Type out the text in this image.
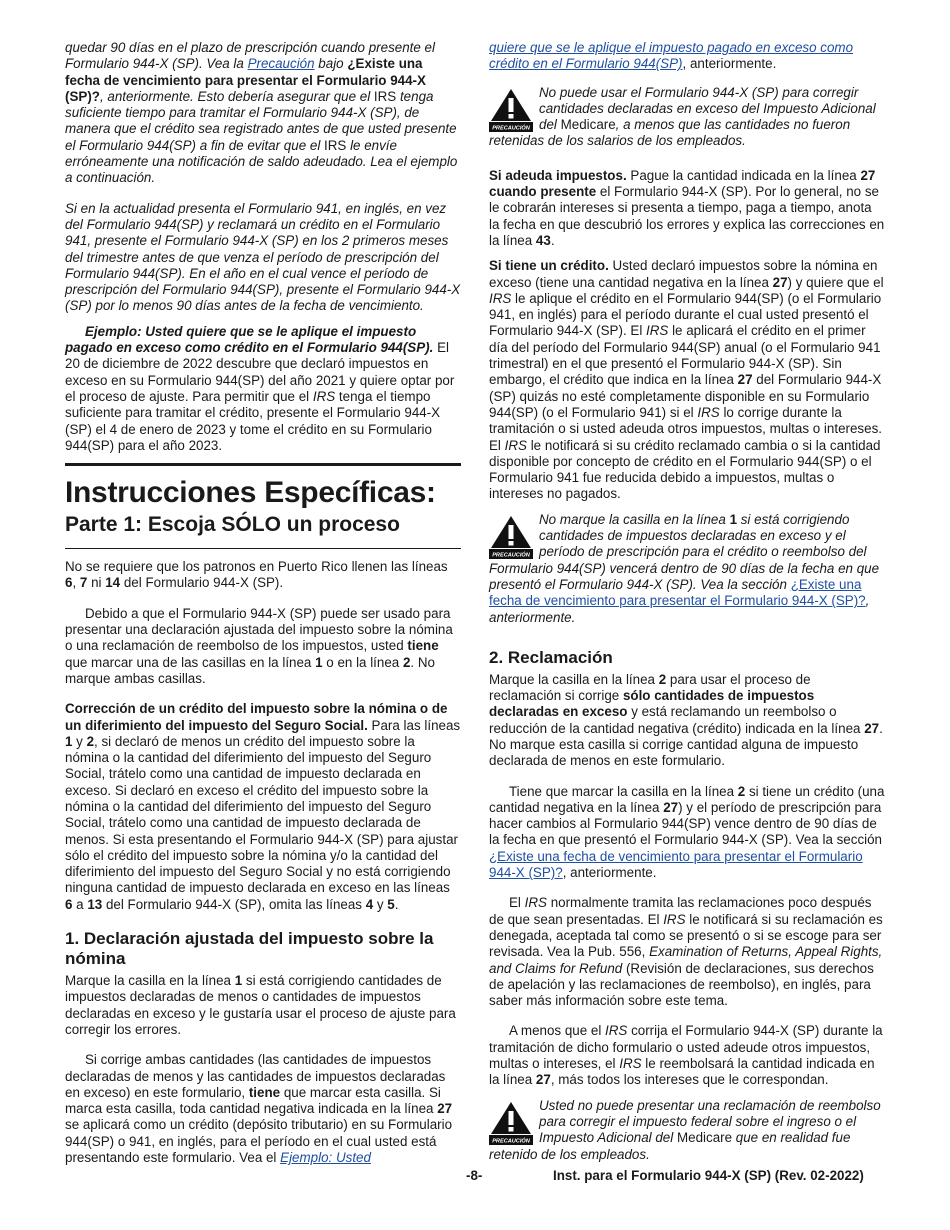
quedar 90 días en el plazo de prescripción cuando presente el Formulario 944-X (SP). Vea la Precaución bajo ¿Existe una fecha de vencimiento para presentar el Formulario 944-X (SP)?, anteriormente. Esto debería asegurar que el IRS tenga suficiente tiempo para tramitar el Formulario 944-X (SP), de manera que el crédito sea registrado antes de que usted presente el Formulario 944(SP) a fin de evitar que el IRS le envíe erróneamente una notificación de saldo adeudado. Lea el ejemplo a continuación.

Si en la actualidad presenta el Formulario 941, en inglés, en vez del Formulario 944(SP) y reclamará un crédito en el Formulario 941, presente el Formulario 944-X (SP) en los 2 primeros meses del trimestre antes de que venza el período de prescripción del Formulario 944(SP). En el año en el cual vence el período de prescripción del Formulario 944(SP), presente el Formulario 944-X (SP) por lo menos 90 días antes de la fecha de vencimiento.

Ejemplo: Usted quiere que se le aplique el impuesto pagado en exceso como crédito en el Formulario 944(SP). El 20 de diciembre de 2022 descubre que declaró impuestos en exceso en su Formulario 944(SP) del año 2021 y quiere optar por el proceso de ajuste. Para permitir que el IRS tenga el tiempo suficiente para tramitar el crédito, presente el Formulario 944-X (SP) el 4 de enero de 2023 y tome el crédito en su Formulario 944(SP) para el año 2023.

Instrucciones Específicas:
Parte 1: Escoja SÓLO un proceso

No se requiere que los patronos en Puerto Rico llenen las líneas 6, 7 ni 14 del Formulario 944-X (SP).

Debido a que el Formulario 944-X (SP) puede ser usado para presentar una declaración ajustada del impuesto sobre la nómina o una reclamación de reembolso de los impuestos, usted tiene que marcar una de las casillas en la línea 1 o en la línea 2. No marque ambas casillas.

Corrección de un crédito del impuesto sobre la nómina o de un diferimiento del impuesto del Seguro Social. Para las líneas 1 y 2, si declaró de menos un crédito del impuesto sobre la nómina o la cantidad del diferimiento del impuesto del Seguro Social, trátelo como una cantidad de impuesto declarada en exceso. Si declaró en exceso el crédito del impuesto sobre la nómina o la cantidad del diferimiento del impuesto del Seguro Social, trátelo como una cantidad de impuesto declarada de menos. Si esta presentando el Formulario 944-X (SP) para ajustar sólo el crédito del impuesto sobre la nómina y/o la cantidad del diferimiento del impuesto del Seguro Social y no está corrigiendo ninguna cantidad de impuesto declarada en exceso en las líneas 6 a 13 del Formulario 944-X (SP), omita las líneas 4 y 5.

1. Declaración ajustada del impuesto sobre la nómina

Marque la casilla en la línea 1 si está corrigiendo cantidades de impuestos declaradas de menos o cantidades de impuestos declaradas en exceso y le gustaría usar el proceso de ajuste para corregir los errores.

Si corrige ambas cantidades (las cantidades de impuestos declaradas de menos y las cantidades de impuestos declaradas en exceso) en este formulario, tiene que marcar esta casilla. Si marca esta casilla, toda cantidad negativa indicada en la línea 27 se aplicará como un crédito (depósito tributario) en su Formulario 944(SP) o 941, en inglés, para el período en el cual usted está presentando este formulario. Vea el Ejemplo: Usted

quiere que se le aplique el impuesto pagado en exceso como crédito en el Formulario 944(SP), anteriormente.

PRECAUCIÓN
No puede usar el Formulario 944-X (SP) para corregir cantidades declaradas en exceso del Impuesto Adicional del Medicare, a menos que las cantidades no fueron retenidas de los salarios de los empleados.

Si adeuda impuestos. Pague la cantidad indicada en la línea 27 cuando presente el Formulario 944-X (SP). Por lo general, no se le cobrarán intereses si presenta a tiempo, paga a tiempo, anota la fecha en que descubrió los errores y explica las correcciones en la línea 43.

Si tiene un crédito. Usted declaró impuestos sobre la nómina en exceso (tiene una cantidad negativa en la línea 27) y quiere que el IRS le aplique el crédito en el Formulario 944(SP) (o el Formulario 941, en inglés) para el período durante el cual usted presentó el Formulario 944-X (SP). El IRS le aplicará el crédito en el primer día del período del Formulario 944(SP) anual (o el Formulario 941 trimestral) en el que presentó el Formulario 944-X (SP). Sin embargo, el crédito que indica en la línea 27 del Formulario 944-X (SP) quizás no esté completamente disponible en su Formulario 944(SP) (o el Formulario 941) si el IRS lo corrige durante la tramitación o si usted adeuda otros impuestos, multas o intereses. El IRS le notificará si su crédito reclamado cambia o si la cantidad disponible por concepto de crédito en el Formulario 944(SP) o el Formulario 941 fue reducida debido a impuestos, multas o intereses no pagados.

PRECAUCIÓN
No marque la casilla en la línea 1 si está corrigiendo cantidades de impuestos declaradas en exceso y el período de prescripción para el crédito o reembolso del Formulario 944(SP) vencerá dentro de 90 días de la fecha en que presentó el Formulario 944-X (SP). Vea la sección ¿Existe una fecha de vencimiento para presentar el Formulario 944-X (SP)?, anteriormente.
2. Reclamación

Marque la casilla en la línea 2 para usar el proceso de reclamación si corrige sólo cantidades de impuestos declaradas en exceso y está reclamando un reembolso o reducción de la cantidad negativa (crédito) indicada en la línea 27. No marque esta casilla si corrige cantidad alguna de impuesto declarada de menos en este formulario.

Tiene que marcar la casilla en la línea 2 si tiene un crédito (una cantidad negativa en la línea 27) y el período de prescripción para hacer cambios al Formulario 944(SP) vence dentro de 90 días de la fecha en que presentó el Formulario 944-X (SP). Vea la sección ¿Existe una fecha de vencimiento para presentar el Formulario 944-X (SP)?, anteriormente.

El IRS normalmente tramita las reclamaciones poco después de que sean presentadas. El IRS le notificará si su reclamación es denegada, aceptada tal como se presentó o si se escoge para ser revisada. Vea la Pub. 556, Examination of Returns, Appeal Rights, and Claims for Refund (Revisión de declaraciones, sus derechos de apelación y las reclamaciones de reembolso), en inglés, para saber más información sobre este tema.

A menos que el IRS corrija el Formulario 944-X (SP) durante la tramitación de dicho formulario o usted adeude otros impuestos, multas o intereses, el IRS le reembolsará la cantidad indicada en la línea 27, más todos los intereses que le correspondan.

PRECAUCIÓN
Usted no puede presentar una reclamación de reembolso para corregir el impuesto federal sobre el ingreso o el Impuesto Adicional del Medicare que en realidad fue retenido de los empleados.
-8-	Inst. para el Formulario 944-X (SP) (Rev. 02-2022)
